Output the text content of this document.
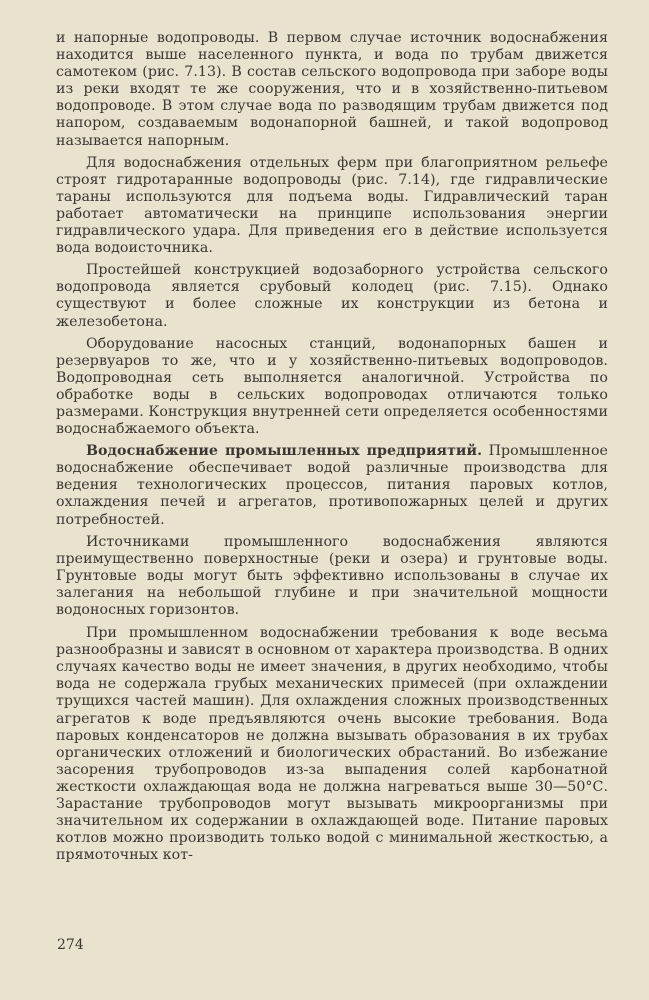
и напорные водопроводы. В первом случае источник водоснабжения находится выше населенного пункта, и вода по трубам движется самотеком (рис. 7.13). В состав сельского водопровода при заборе воды из реки входят те же сооружения, что и в хозяйственно-питьевом водопроводе. В этом случае вода по разводящим трубам движется под напором, создаваемым водонапорной башней, и такой водопровод называется напорным.

Для водоснабжения отдельных ферм при благоприятном рельефе строят гидротаранные водопроводы (рис. 7.14), где гидравлические тараны используются для подъема воды. Гидравлический таран работает автоматически на принципе использования энергии гидравлического удара. Для приведения его в действие используется вода водоисточника.

Простейшей конструкцией водозаборного устройства сельского водопровода является срубовый колодец (рис. 7.15). Однако существуют и более сложные их конструкции из бетона и железобетона.

Оборудование насосных станций, водонапорных башен и резервуаров то же, что и у хозяйственно-питьевых водопроводов. Водопроводная сеть выполняется аналогичной. Устройства по обработке воды в сельских водопроводах отличаются только размерами. Конструкция внутренней сети определяется особенностями водоснабжаемого объекта.

Водоснабжение промышленных предприятий. Промышленное водоснабжение обеспечивает водой различные производства для ведения технологических процессов, питания паровых котлов, охлаждения печей и агрегатов, противопожарных целей и других потребностей.

Источниками промышленного водоснабжения являются преимущественно поверхностные (реки и озера) и грунтовые воды. Грунтовые воды могут быть эффективно использованы в случае их залегания на небольшой глубине и при значительной мощности водоносных горизонтов.

При промышленном водоснабжении требования к воде весьма разнообразны и зависят в основном от характера производства. В одних случаях качество воды не имеет значения, в других необходимо, чтобы вода не содержала грубых механических примесей (при охлаждении трущихся частей машин). Для охлаждения сложных производственных агрегатов к воде предъявляются очень высокие требования. Вода паровых конденсаторов не должна вызывать образования в их трубах органических отложений и биологических обрастаний. Во избежание засорения трубопроводов из-за выпадения солей карбонатной жесткости охлаждающая вода не должна нагреваться выше 30—50°С. Зарастание трубопроводов могут вызывать микроорганизмы при значительном их содержании в охлаждающей воде. Питание паровых котлов можно производить только водой с минимальной жесткостью, а прямоточных кот-

274
